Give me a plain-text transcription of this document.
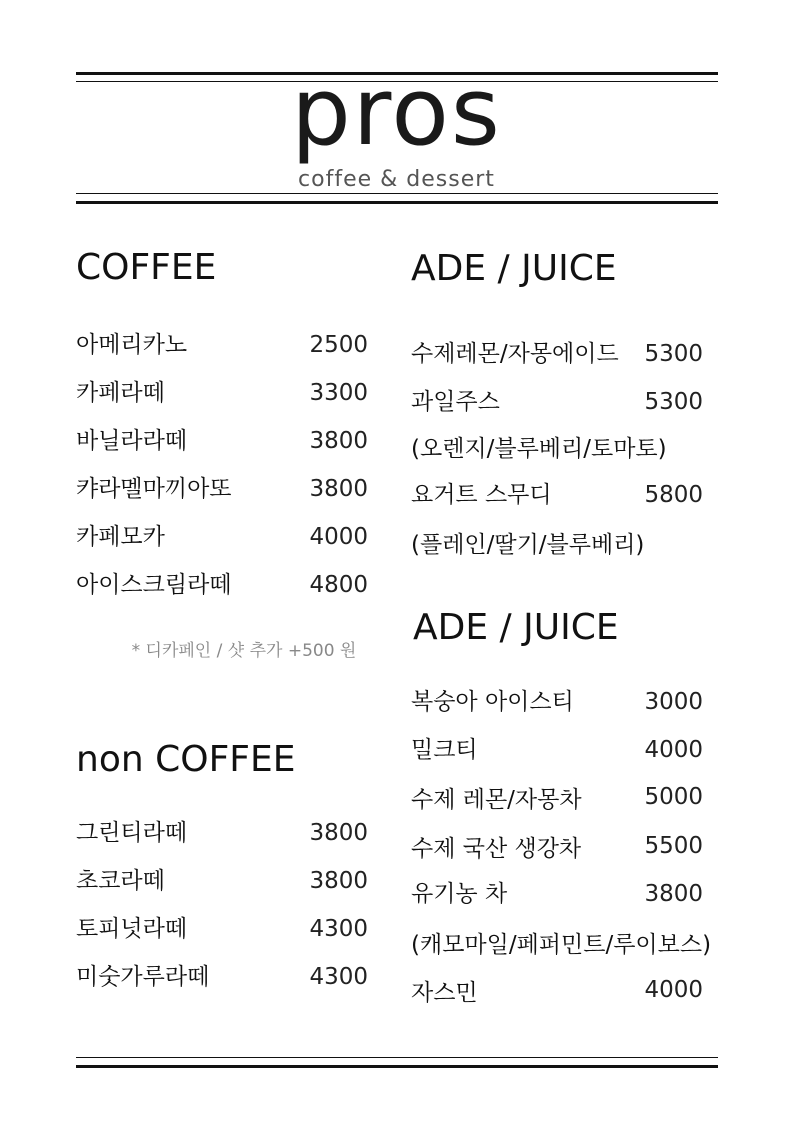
pros
coffee & dessert
COFFEE
아메리카노	2500
카페라떼	3300
바닐라라떼	3800
캬라멜마끼아또	3800
카페모카	4000
아이스크림라떼	4800
* 디카페인 / 샷 추가 +500 원
non COFFEE
그린티라떼	3800
초코라떼	3800
토피넛라떼	4300
미숫가루라떼	4300
ADE / JUICE
수제레몬/자몽에이드 5300
과일주스	5300
(오렌지/블루베리/토마토)
요거트 스무디	5800
(플레인/딸기/블루베리)
ADE / JUICE
복숭아 아이스티	3000
밀크티	4000
수제 레몬/자몽차	5000
수제 국산 생강차	5500
유기농 차	3800
(캐모마일/페퍼민트/루이보스)
자스민	4000
